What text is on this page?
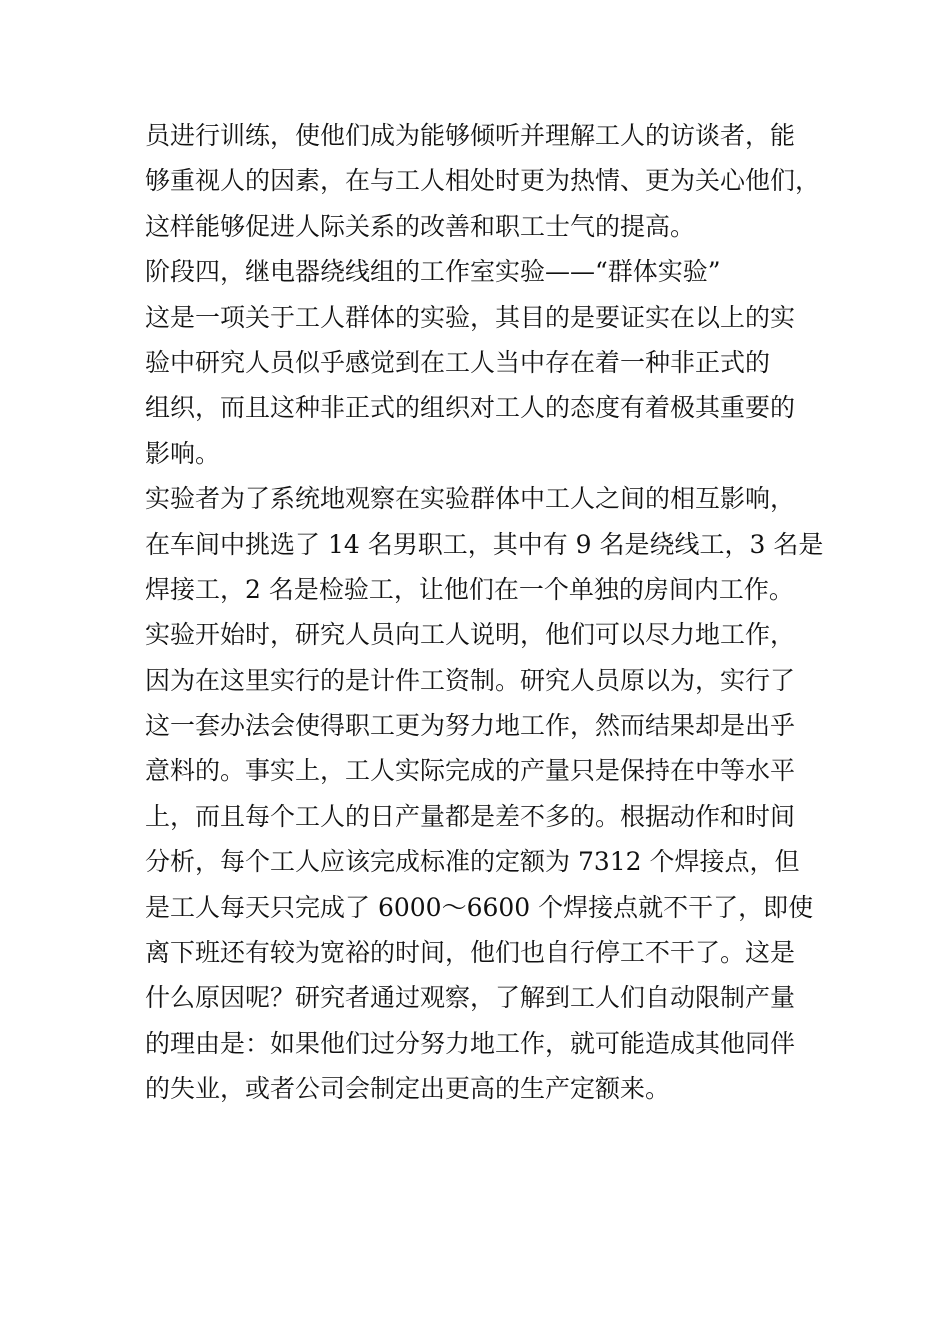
员进行训练，使他们成为能够倾听并理解工人的访谈者，能
够重视人的因素，在与工人相处时更为热情、更为关心他们，
这样能够促进人际关系的改善和职工士气的提高。
阶段四，继电器绕线组的工作室实验——“群体实验”
这是一项关于工人群体的实验，其目的是要证实在以上的实
验中研究人员似乎感觉到在工人当中存在着一种非正式的
组织，而且这种非正式的组织对工人的态度有着极其重要的
影响。
实验者为了系统地观察在实验群体中工人之间的相互影响，
在车间中挑选了 14 名男职工，其中有 9 名是绕线工，3 名是
焊接工，2 名是检验工，让他们在一个单独的房间内工作。
实验开始时，研究人员向工人说明，他们可以尽力地工作，
因为在这里实行的是计件工资制。研究人员原以为，实行了
这一套办法会使得职工更为努力地工作，然而结果却是出乎
意料的。事实上，工人实际完成的产量只是保持在中等水平
上，而且每个工人的日产量都是差不多的。根据动作和时间
分析，每个工人应该完成标准的定额为 7312 个焊接点，但
是工人每天只完成了 6000～6600 个焊接点就不干了，即使
离下班还有较为宽裕的时间，他们也自行停工不干了。这是
什么原因呢？研究者通过观察，了解到工人们自动限制产量
的理由是：如果他们过分努力地工作，就可能造成其他同伴
的失业，或者公司会制定出更高的生产定额来。
